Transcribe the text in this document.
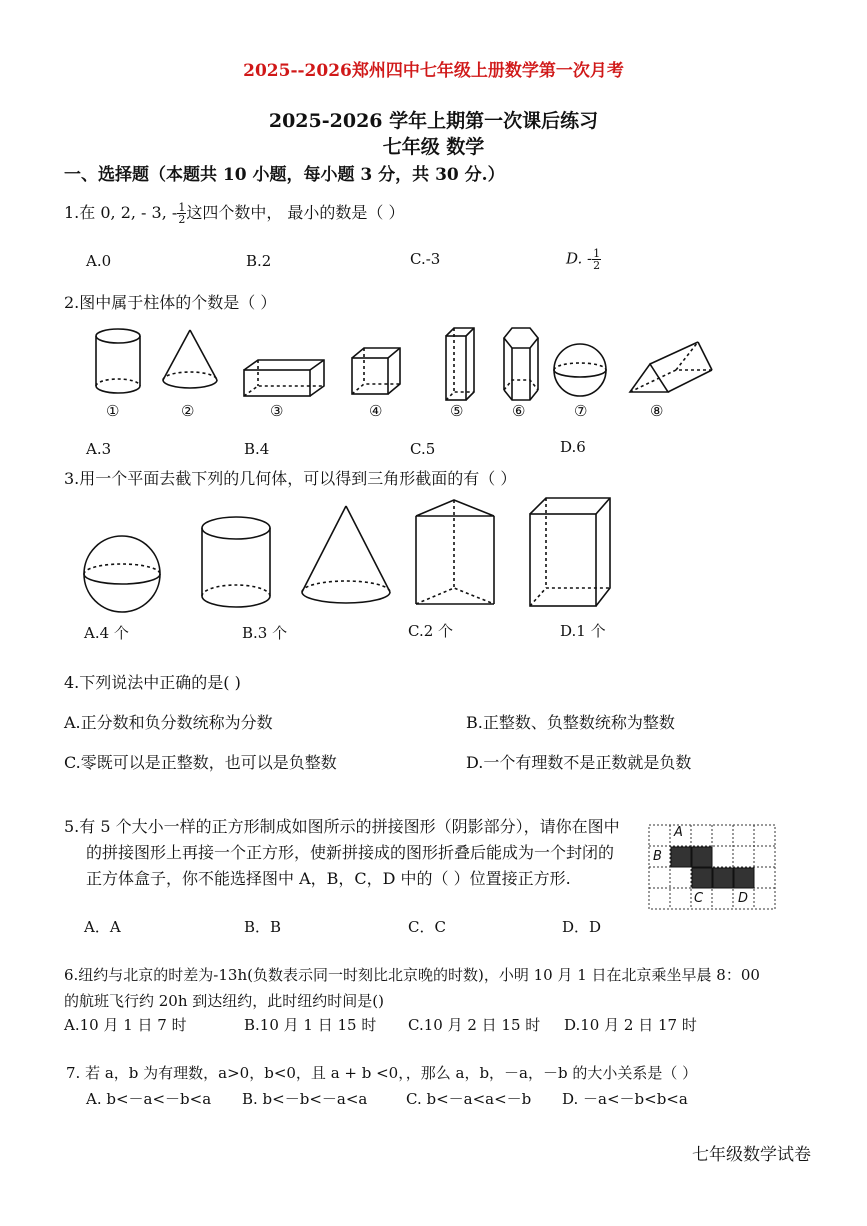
2025--2026郑州四中七年级上册数学第一次月考
2025-2026 学年上期第一次课后练习
七年级 数学
一、选择题（本题共 10 小题，每小题 3 分，共 30 分.）
1.在 0, 2, - 3, - $\frac{1}{2}$ 这四个数中， 最小的数是（ ）
A.0	B.2	C.-3	D. - $\frac{1}{2}$
2.图中属于柱体的个数是（ ）
①	②	③	④	⑤	⑥	⑦	⑧
A.3	B.4	C.5	D.6
3.用一个平面去截下列的几何体，可以得到三角形截面的有（ ）
A.4 个	B.3 个	C.2 个	D.1 个
4.下列说法中正确的是( )
A.正分数和负分数统称为分数	B.正整数、负整数统称为整数
C.零既可以是正整数，也可以是负整数	D.一个有理数不是正数就是负数
5.有 5 个大小一样的正方形制成如图所示的拼接图形（阴影部分），请你在图中
的拼接图形上再接一个正方形，使新拼接成的图形折叠后能成为一个封闭的
正方体盒子，你不能选择图中 A，B，C，D 中的（ ）位置接正方形.
A
B
C	D
A．A	B．B	C．C	D．D
6.纽约与北京的时差为-13h(负数表示同一时刻比北京晚的时数)，小明 10 月 1 日在北京乘坐早晨 8：00
的航班飞行约 20h 到达纽约，此时纽约时间是()
A.10 月 1 日 7 时	B.10 月 1 日 15 时 C.10 月 2 日 15 时 D.10 月 2 日 17 时
7. 若 a，b 为有理数，a>0，b<0，且 a + b <0，，那么 a，b，－a，－b 的大小关系是（ ）
A. b<－a<－b<a B. b<－b<－a<a	C. b<－a<a<－b D. －a<－b<b<a
七年级数学试卷
